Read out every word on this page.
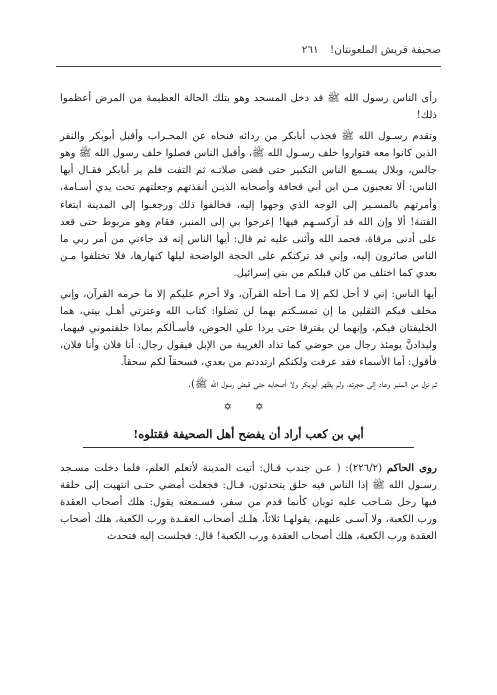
صحيفة قريش الملعونتان! ٢٦١

رأى الناس رسول الله ﷺ قد دخل المسجد وهو بتلك الحالة العظيمة من المرض أعظموا ذلك!

وتقدم رسـول الله ﷺ فجذب أبابكر من ردائه فنحاه عن المحـراب وأقبل أبوبكر والنفر الذين كانوا معه فتواروا خلف رسـول الله ﷺ، وأقبل الناس فصلوا خلف رسول الله ﷺ وهو جالس، وبلال يسـمع الناس التكبير حتى قضى صلاتـه ثم التفت فلم ير أبابكر فقـال أيها الناس: ألا تعجبون مـن ابن أبي قحافة وأصحابه الذيـن أنفذتهم وجعلتهم تحت يدي أسـامة، وأمرتهم بالمسـير إلى الوجه الذي وجهوا إليه، فخالفوا ذلك ورجعـوا إلى المدينة ابتغاء الفتنة! ألا وإن الله قد أركسـهم فيها! إعرجوا بي إلى المنبر، فقام وهو مربوط حتى قعد على أدنى مرقاة، فحمد الله وأثنى عليه ثم قال: أيها الناس إنه قد جاءني من أمر ربي ما الناس صائرون إليه، وإني قد تركتكم على الحجة الواضحة ليلها كنهارها، فلا تختلفوا مـن بعدي كما اختلف من كان قبلكم من بني إسرائيل.

أيها الناس: إني لا أحل لكم إلا مـا أحله القرآن، ولا أحرم عليكم إلا ما حرمه القرآن، وإني مخلف فيكم الثقلين ما إن تمسـكتم بهما لن تضلوا: كتاب الله وعترتي أهـل بيتي، هما الخليفتان فيكم، وإنهما لن يفترقا حتى يردا علي الحوض، فأسـألكم بماذا خلفتموني فيهما، وليذادنَّ يومئذ رجال من حوضي كما تذاد الغريبة من الإبل فيقول رجال: أنا فلان وأنا فلان، فأقول: أما الأسماء فقد عرفت ولكنكم ارتددتم من بعدي، فسحقاً لكم سحقاً.

ثم نزل من المنبر وعاد إلى حجرته، ولم يظهر أبوبكر ولا أصحابه حتى قبض رسول الله ﷺ).

✡ ✡
أبي بن كعب أراد أن يفضح أهل الصحيفة فقتلوه!

روى الحاكم (٢٢٦/٢): ( عـن جندب قـال: أتيت المدينة لأتعلم العلم، فلما دخلت مسـجد رسـول الله ﷺ إذا الناس فيه حلق يتحدثون، قـال: فجعلت أمضي حتـى انتهيت إلى حلقة فيها رجل شـاحب عليه ثوبان كأنما قدم من سفر، فسـمعته يقول: هلك أصحاب العقدة ورب الكعبة، ولا آسـى عليهم، يقولهـا ثلاثاً، هلـك أصحاب العقـدة ورب الكعبة، هلك أصحاب العقدة ورب الكعبة، هلك أصحاب العقدة ورب الكعبة! قال: فجلست إليه فتحدث
